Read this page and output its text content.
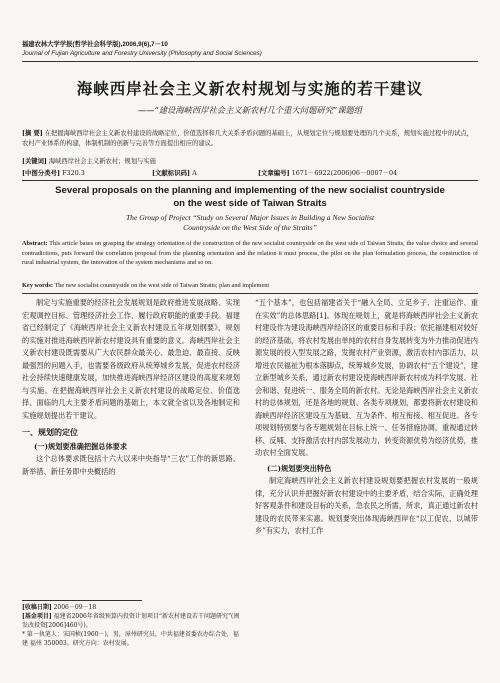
福建农林大学学报(哲学社会科学版),2006,9(6),7－10
Journal of Fujian Agriculture and Forestry University (Philosophy and Social Sciences)
海峡西岸社会主义新农村规划与实施的若干建议
——“建设海峡西岸社会主义新农村几个重大问题研究”课题组
[摘 要] 在把握海峡西岸社会主义新农村建设的战略定位、价值选择和几大关系矛盾问题的基础上，从规划定位与规划要处理的几个关系，规划实施过程中的试点，农村产业体系的构建，体制机制的创新与完善等方面提出相应的建议。
[关键词] 海峡西岸社会主义新农村；规划与实施
[中图分类号] F320.3	[文献标识码] A	[文章编号] 1671－6922(2006)06－0007－04
Several proposals on the planning and implementing of the new socialist countryside
on the west side of Taiwan Straits
The Group of Project “Study on Several Major Issues in Building a New Socialist
Countryside on the West Side of the Straits”
Abstract: This article bases on grasping the strategy orientation of the construction of the new socialist countryside on the west side of Taiwan Straits, the value choice and several contradictions, puts forward the correlation proposal from the planning orientation and the relation it must process, the pilot on the plan formulation process, the construction of rural industrial system, the innovation of the system mechanisms and so on.
Key words: The new socialist countryside on the west side of Taiwan Straits; plan and implement

制定与实施重要的经济社会发展规划是政府推进发展战略、实现宏观调控目标、管理经济社会工作、履行政府职能的重要手段。福建省已经制定了《海峡西岸社会主义新农村建设五年规划纲要》，规划的实施对推进海峡西岸新农村建设具有重要的意义。海峡西岸社会主义新农村建设既需要从广大农民群众最关心、最急迫、最直接、反映最强烈的问题入手，也需要各级政府从统筹城乡发展，促进农村经济社会持续快速健康发展，加快推进海峡西岸经济区建设的高度来规划与实施。在把握海峡西岸社会主义新农村建设的战略定位、价值选择、面临的几大主要矛盾问题的基础上，本文就全省以及各地制定和实施规划提出若干建议。

一、规划的定位

(一)规划要准确把握总体要求

这个总体要求既包括十六大以来中央指导“三农”工作的新思路、新举措、新任务即中央概括的

[收稿日期] 2006－09－18
[基金项目] 福建省2006年省级预算内投资计划项目“新农村建设若干问题研究”(闽发改投资[2006]460号)。
* 第一执笔人：宋国桢(1960－)，男，漳州研究员，中共福建省委农办综合处，福建 福州 350003。研究方向：农村发展。

“五个基本”，也包括福建省关于“融入全局、立足乡子、注重运作、重在实效”的总体思路[1]。体现在规划上，就是将海峡西岸社会主义新农村建设作为建设海峡西岸经济区的重要目标和手段；依托福建相对较好的经济基础，将农村发展由单纯的农村自身发展转变为外力推动促进内源发展的投入型发展之路，发掘农村产业资源，激活农村内部活力，以增进农民福祉为根本落脚点，统筹城乡发展，协调农村“五个建设”，建立新型城乡关系，通过新农村建设使海峡西岸新农村成为科学发展、社会和谐、促进统一、服务全局的新农村。无论是海峡西岸社会主义新农村的总体规划，还是各地的规划、各类专项规划，都要将新农村建设和海峡西岸经济区建设互为基础、互为条件、相互衔接、相互促进。各专项规划特别要与各专题规划在目标上统一、任务措施协调，重视通过转移、反哺、支持激活农村内部发展动力，转变资源优势为经济优势，推动农村全面发展。

(二)规划要突出特色

制定海峡西岸社会主义新农村建设规划要把握农村发展的一般规律，充分认识并把握好新农村建设中的主要矛盾，结合实际，正确处理好客观条件和建设目标的关系，急农民之所需，所求，真正通过新农村建设的农民带来实惠。规划要突出体现海峡西岸在“以工促农、以城带乡”有实力，农村工作
